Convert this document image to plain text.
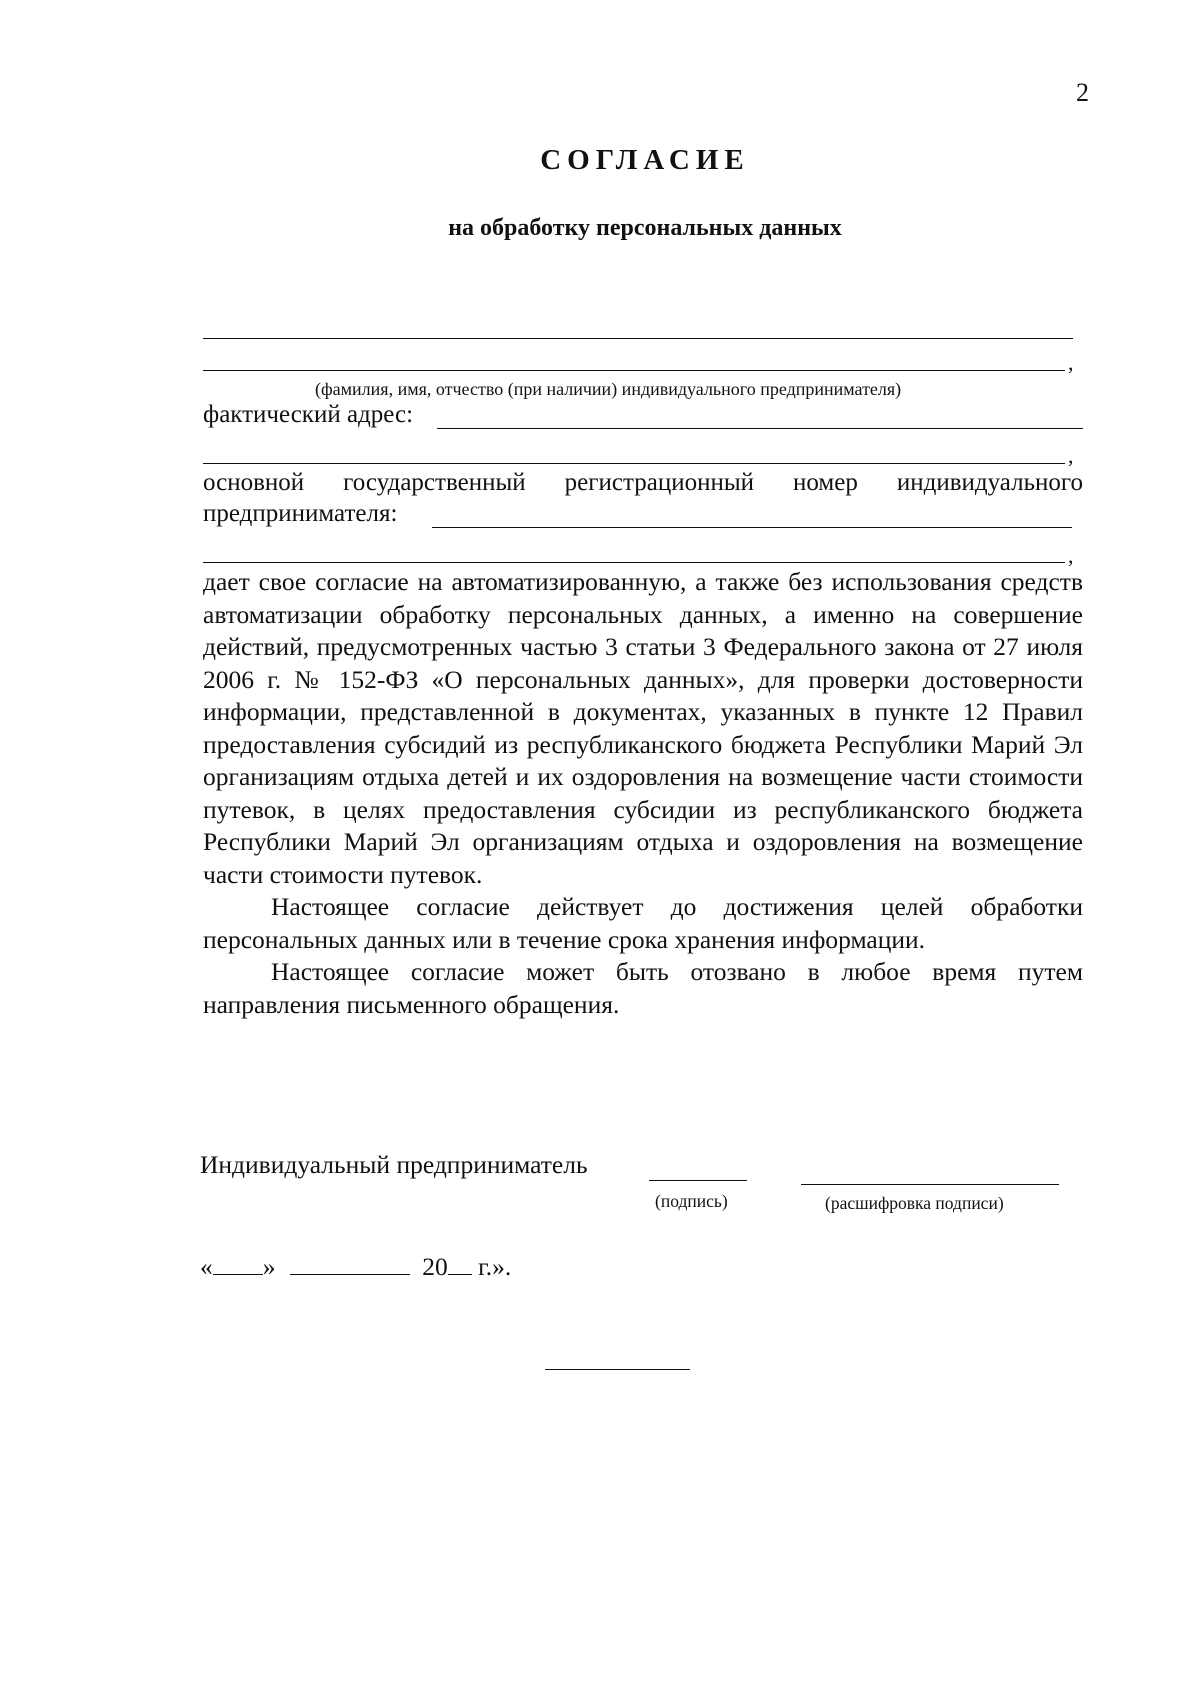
2
СОГЛАСИЕ
на обработку персональных данных
,
(фамилия, имя, отчество (при наличии) индивидуального предпринимателя)
фактический адрес:
,
основной государственный регистрационный номер индивидуального
предпринимателя:
,

дает свое согласие на автоматизированную, а также без использования средств автоматизации обработку персональных данных, а именно на совершение действий, предусмотренных частью 3 статьи 3 Федерального закона от 27 июля 2006 г. № 152-ФЗ «О персональных данных», для проверки достоверности информации, представленной в документах, указанных в пункте 12 Правил предоставления субсидий из республиканского бюджета Республики Марий Эл организациям отдыха детей и их оздоровления на возмещение части стоимости путевок, в целях предоставления субсидии из республиканского бюджета Республики Марий Эл организациям отдыха и оздоровления на возмещение части стоимости путевок.

Настоящее согласие действует до достижения целей обработки персональных данных или в течение срока хранения информации.

Настоящее согласие может быть отозвано в любое время путем направления письменного обращения.

Индивидуальный предприниматель
(подпись)	(расшифровка подписи)
« »	20 г.».
